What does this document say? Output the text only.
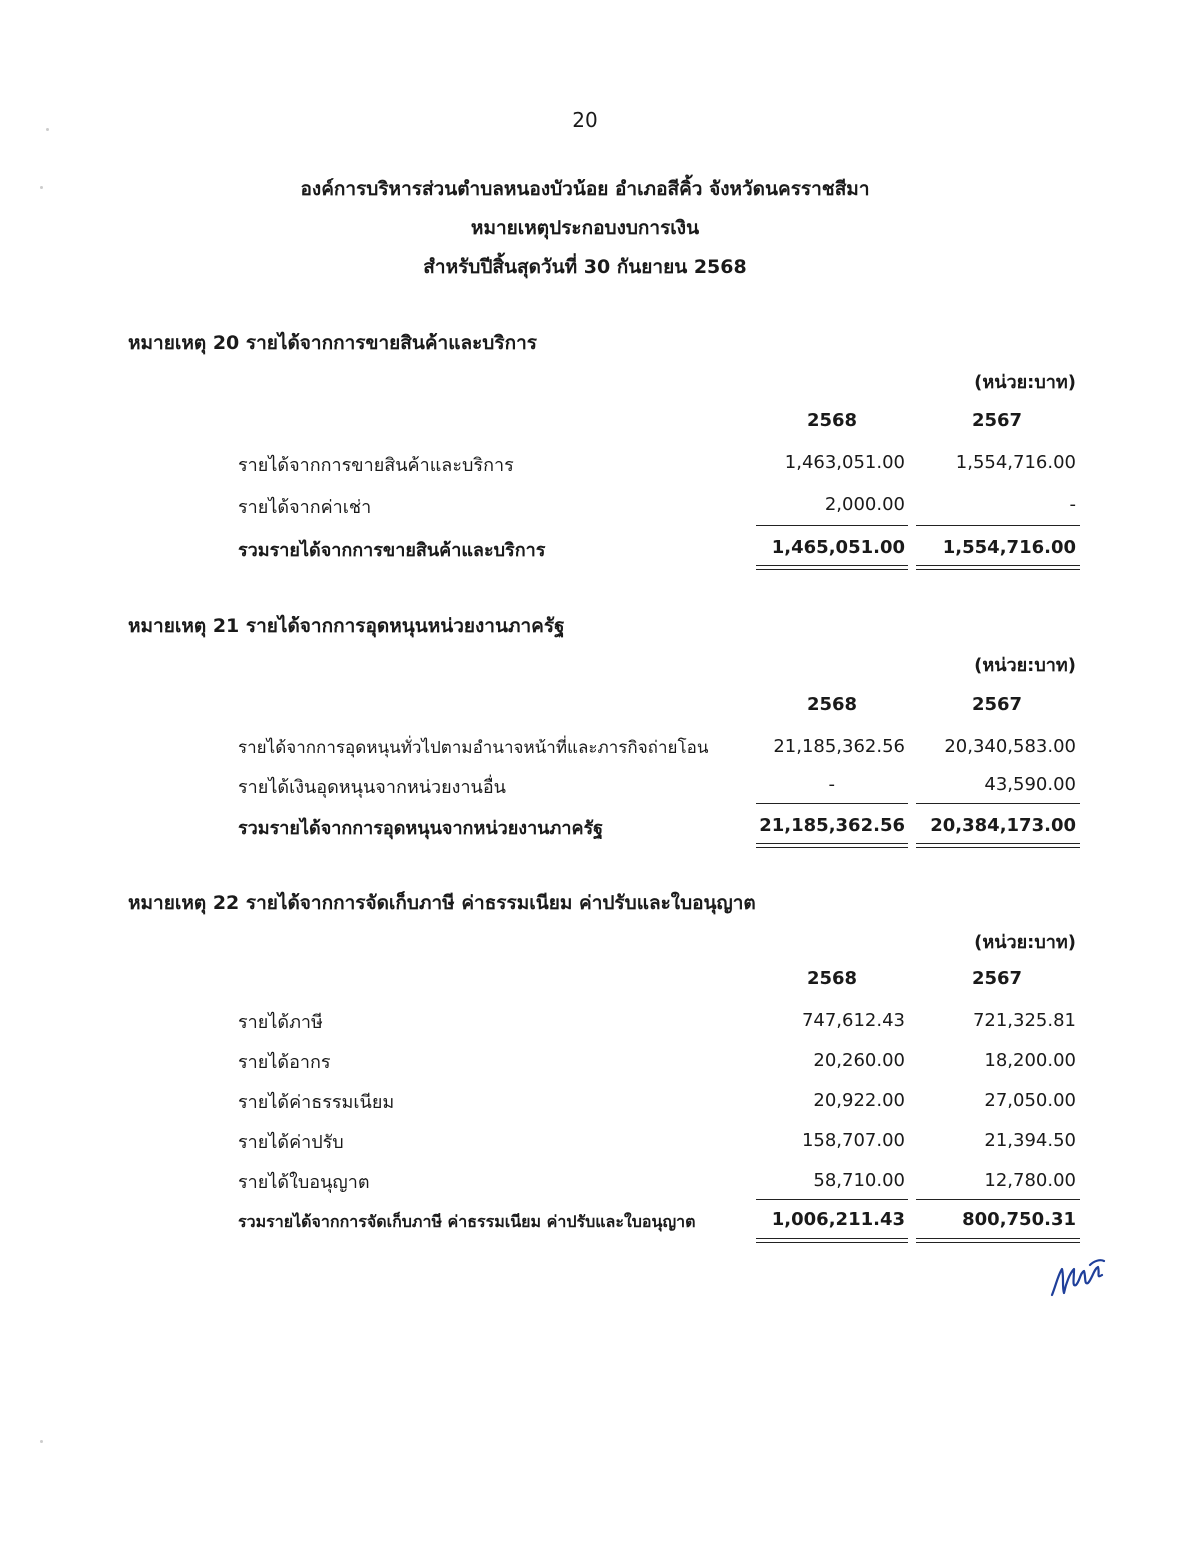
20
องค์การบริหารส่วนตำบลหนองบัวน้อย อำเภอสีคิ้ว จังหวัดนครราชสีมา
หมายเหตุประกอบงบการเงิน
สำหรับปีสิ้นสุดวันที่ 30 กันยายน 2568
หมายเหตุ 20 รายได้จากการขายสินค้าและบริการ
(หน่วย:บาท)
2568	2567
รายได้จากการขายสินค้าและบริการ	1,463,051.00	1,554,716.00
รายได้จากค่าเช่า	2,000.00	-
รวมรายได้จากการขายสินค้าและบริการ	1,465,051.00	1,554,716.00
หมายเหตุ 21 รายได้จากการอุดหนุนหน่วยงานภาครัฐ
(หน่วย:บาท)
2568	2567
รายได้จากการอุดหนุนทั่วไปตามอำนาจหน้าที่และภารกิจถ่ายโอน	21,185,362.56	20,340,583.00
รายได้เงินอุดหนุนจากหน่วยงานอื่น	-	43,590.00
รวมรายได้จากการอุดหนุนจากหน่วยงานภาครัฐ	21,185,362.56	20,384,173.00
หมายเหตุ 22 รายได้จากการจัดเก็บภาษี ค่าธรรมเนียม ค่าปรับและใบอนุญาต
(หน่วย:บาท)
2568	2567
รายได้ภาษี	747,612.43	721,325.81
รายได้อากร	20,260.00	18,200.00
รายได้ค่าธรรมเนียม	20,922.00	27,050.00
รายได้ค่าปรับ	158,707.00	21,394.50
รายได้ใบอนุญาต	58,710.00	12,780.00
รวมรายได้จากการจัดเก็บภาษี ค่าธรรมเนียม ค่าปรับและใบอนุญาต	1,006,211.43	800,750.31
